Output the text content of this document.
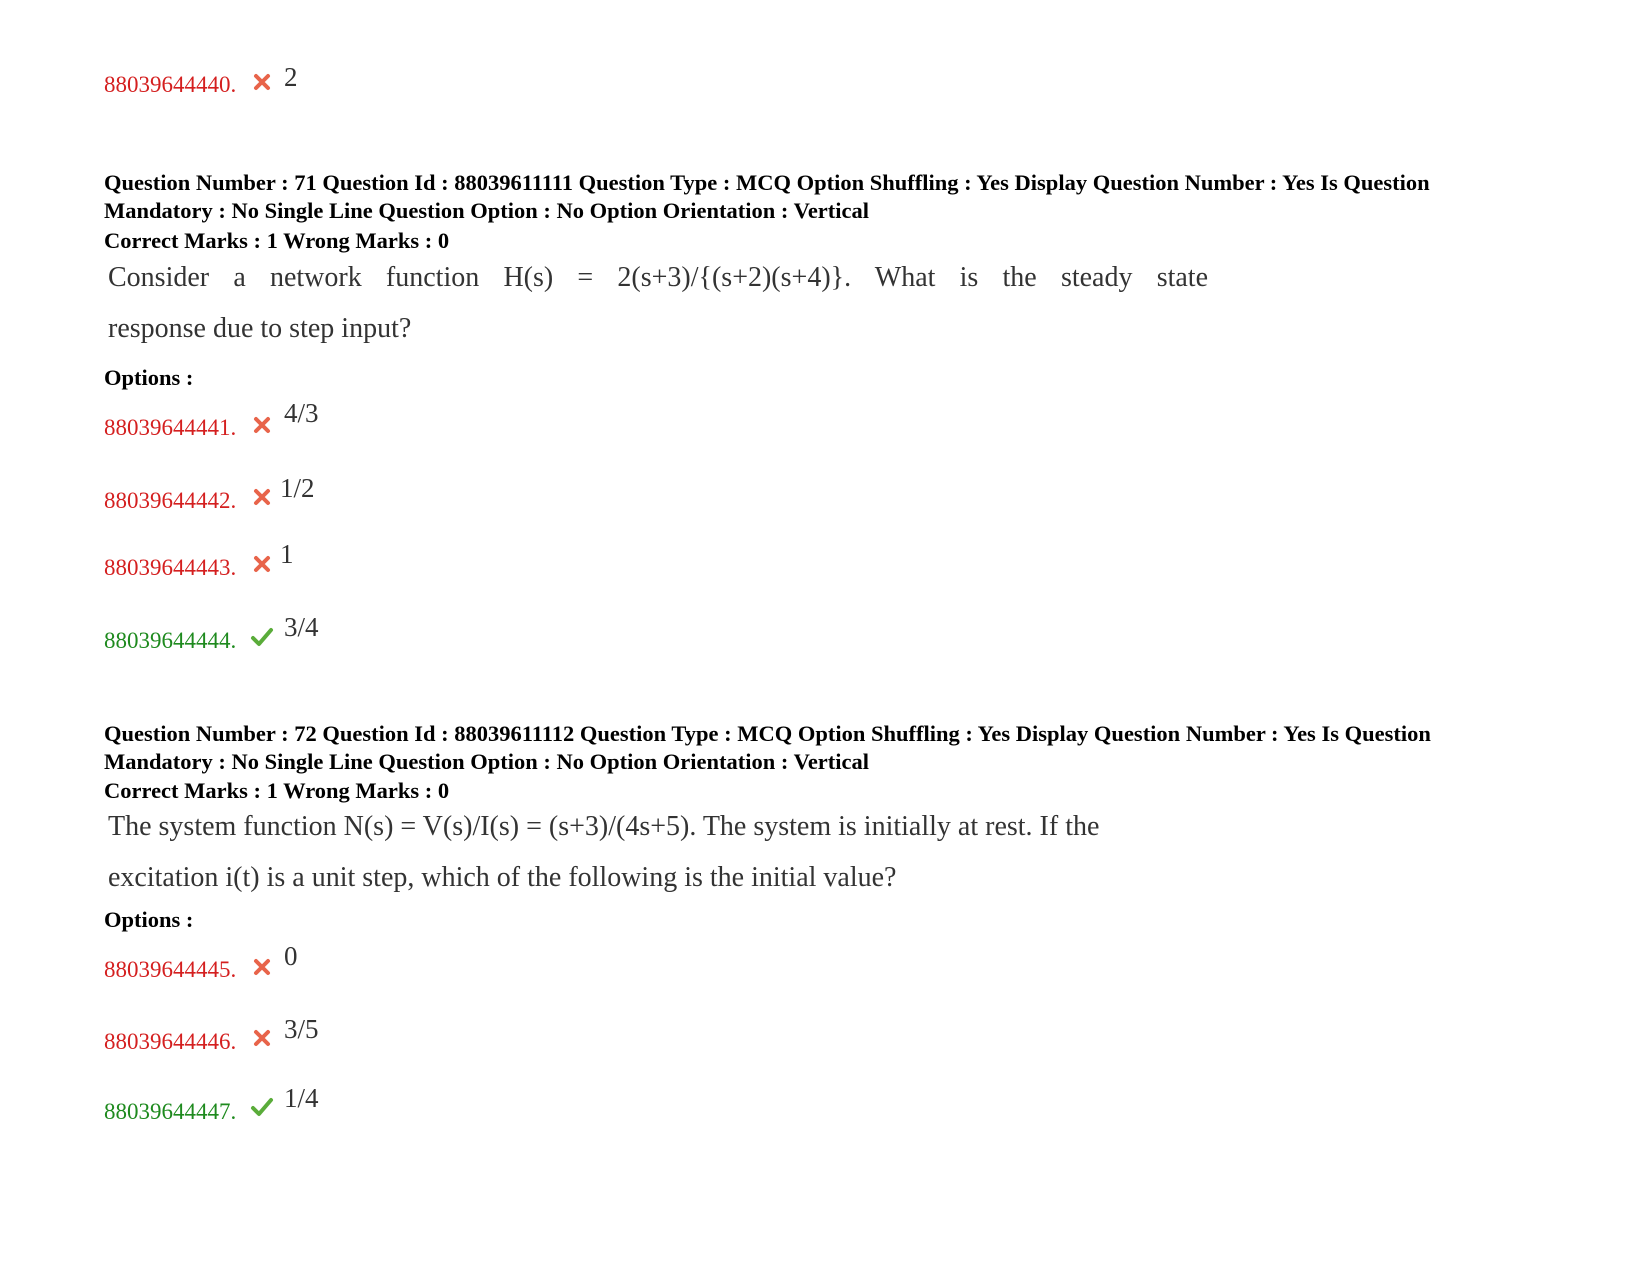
88039644440. 2
Question Number : 71 Question Id : 88039611111 Question Type : MCQ Option Shuffling : Yes Display Question Number : Yes Is Question
Mandatory : No Single Line Question Option : No Option Orientation : Vertical
Correct Marks : 1 Wrong Marks : 0
Consider a network function H(s) = 2(s+3)/{(s+2)(s+4)}. What is the steady state
response due to step input?
Options :
88039644441. 4/3
88039644442. 1/2
88039644443. 1
88039644444. 3/4
Question Number : 72 Question Id : 88039611112 Question Type : MCQ Option Shuffling : Yes Display Question Number : Yes Is Question
Mandatory : No Single Line Question Option : No Option Orientation : Vertical
Correct Marks : 1 Wrong Marks : 0
The system function N(s) = V(s)/I(s) = (s+3)/(4s+5). The system is initially at rest. If the
excitation i(t) is a unit step, which of the following is the initial value?
Options :
88039644445. 0
88039644446. 3/5
88039644447. 1/4
